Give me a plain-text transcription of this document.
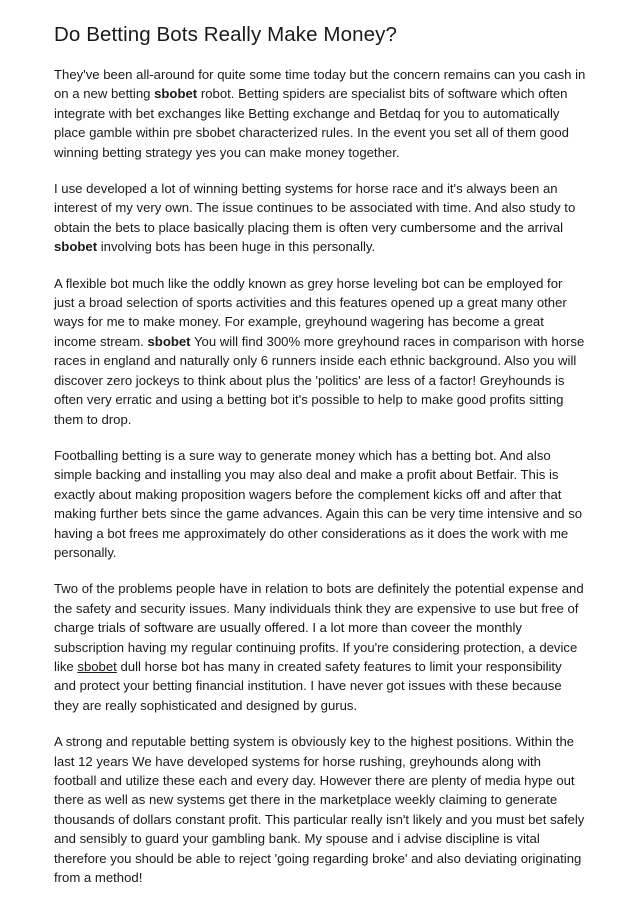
Do Betting Bots Really Make Money?

They've been all-around for quite some time today but the concern remains can you cash in on a new betting sbobet robot. Betting spiders are specialist bits of software which often integrate with bet exchanges like Betting exchange and Betdaq for you to automatically place gamble within pre sbobet characterized rules. In the event you set all of them good winning betting strategy yes you can make money together.

I use developed a lot of winning betting systems for horse race and it's always been an interest of my very own. The issue continues to be associated with time. And also study to obtain the bets to place basically placing them is often very cumbersome and the arrival sbobet involving bots has been huge in this personally.

A flexible bot much like the oddly known as grey horse leveling bot can be employed for just a broad selection of sports activities and this features opened up a great many other ways for me to make money. For example, greyhound wagering has become a great income stream. sbobet You will find 300% more greyhound races in comparison with horse races in england and naturally only 6 runners inside each ethnic background. Also you will discover zero jockeys to think about plus the 'politics' are less of a factor! Greyhounds is often very erratic and using a betting bot it's possible to help to make good profits sitting them to drop.

Footballing betting is a sure way to generate money which has a betting bot. And also simple backing and installing you may also deal and make a profit about Betfair. This is exactly about making proposition wagers before the complement kicks off and after that making further bets since the game advances. Again this can be very time intensive and so having a bot frees me approximately do other considerations as it does the work with me personally.

Two of the problems people have in relation to bots are definitely the potential expense and the safety and security issues. Many individuals think they are expensive to use but free of charge trials of software are usually offered. I a lot more than coveer the monthly subscription having my regular continuing profits. If you're considering protection, a device like sbobet dull horse bot has many in created safety features to limit your responsibility and protect your betting financial institution. I have never got issues with these because they are really sophisticated and designed by gurus.

A strong and reputable betting system is obviously key to the highest positions. Within the last 12 years We have developed systems for horse rushing, greyhounds along with football and utilize these each and every day. However there are plenty of media hype out there as well as new systems get there in the marketplace weekly claiming to generate thousands of dollars constant profit. This particular really isn't likely and you must bet safely and sensibly to guard your gambling bank. My spouse and i advise discipline is vital therefore you should be able to reject 'going regarding broke' and also deviating originating from a method!
